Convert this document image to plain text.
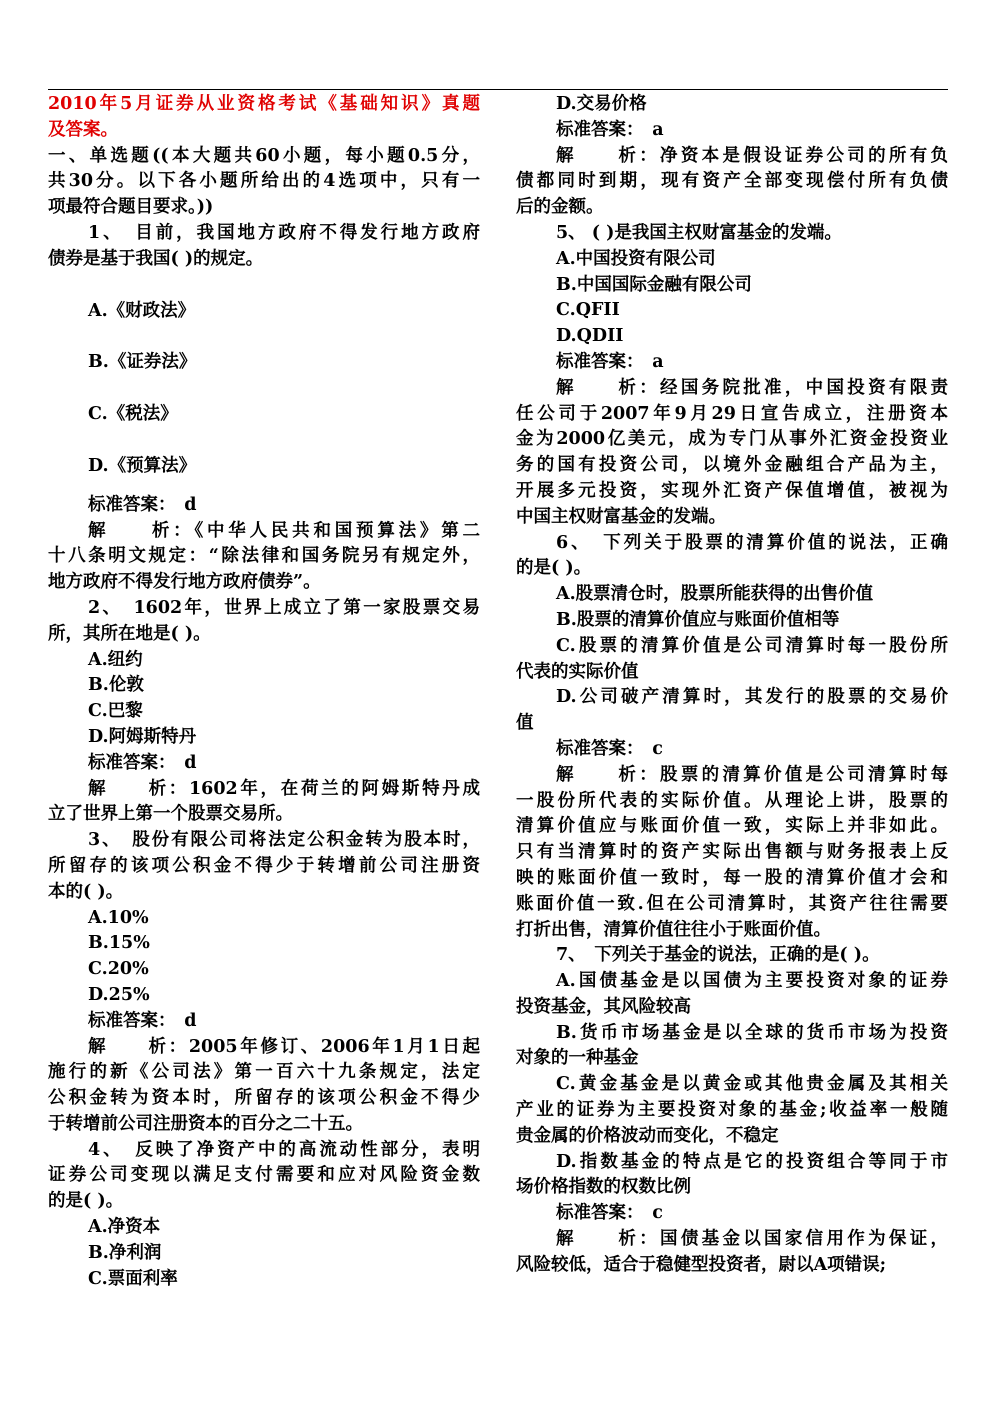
2010年5月证券从业资格考试《基础知识》真题

及答案。

一、单选题((本大题共60小题，每小题0.5分，

共30分。以下各小题所给出的4选项中，只有一

项最符合题目要求。))

1、　目前，我国地方政府不得发行地方政府

债券是基于我国( )的规定。

A.《财政法》

B.《证券法》

C.《税法》

D.《预算法》

标准答案：　d

解　　析：《中华人民共和国预算法》第二

十八条明文规定：“除法律和国务院另有规定外，

地方政府不得发行地方政府债券”。

2、　1602年，世界上成立了第一家股票交易

所，其所在地是( )。

A.纽约

B.伦敦

C.巴黎

D.阿姆斯特丹

标准答案：　d

解　　析：1602年，在荷兰的阿姆斯特丹成

立了世界上第一个股票交易所。

3、　股份有限公司将法定公积金转为股本时，

所留存的该项公积金不得少于转增前公司注册资

本的( )。

A.10%

B.15%

C.20%

D.25%

标准答案：　d

解　　析：2005年修订、2006年1月1日起

施行的新《公司法》第一百六十九条规定，法定

公积金转为资本时，所留存的该项公积金不得少

于转增前公司注册资本的百分之二十五。

4、　反映了净资产中的高流动性部分，表明

证券公司变现以满足支付需要和应对风险资金数

的是( )。

A.净资本

B.净利润

C.票面利率

D.交易价格

标准答案：　a

解　　析：净资本是假设证券公司的所有负

债都同时到期，现有资产全部变现偿付所有负债

后的金额。

5、 ( )是我国主权财富基金的发端。

A.中国投资有限公司

B.中国国际金融有限公司

C.QFII

D.QDII

标准答案：　a

解　　析：经国务院批准，中国投资有限责

任公司于2007年9月29日宣告成立，注册资本

金为2000亿美元，成为专门从事外汇资金投资业

务的国有投资公司，以境外金融组合产品为主，

开展多元投资，实现外汇资产保值增值，被视为

中国主权财富基金的发端。

6、　下列关于股票的清算价值的说法，正确

的是( )。

A.股票清仓时，股票所能获得的出售价值

B.股票的清算价值应与账面价值相等

C.股票的清算价值是公司清算时每一股份所

代表的实际价值

D.公司破产清算时，其发行的股票的交易价

值

标准答案：　c

解　　析：股票的清算价值是公司清算时每

一股份所代表的实际价值。从理论上讲，股票的

清算价值应与账面价值一致，实际上并非如此。

只有当清算时的资产实际出售额与财务报表上反

映的账面价值一致时，每一股的清算价值才会和

账面价值一致.但在公司清算时，其资产往往需要

打折出售，清算价值往往小于账面价值。

7、　下列关于基金的说法，正确的是( )。

A.国债基金是以国债为主要投资对象的证券

投资基金，其风险较高

B.货币市场基金是以全球的货币市场为投资

对象的一种基金

C.黄金基金是以黄金或其他贵金属及其相关

产业的证券为主要投资对象的基金;收益率一般随

贵金属的价格波动而变化，不稳定

D.指数基金的特点是它的投资组合等同于市

场价格指数的权数比例

标准答案：　c

解　　析：国债基金以国家信用作为保证，

风险较低，适合于稳健型投资者，尉以A项错误;
